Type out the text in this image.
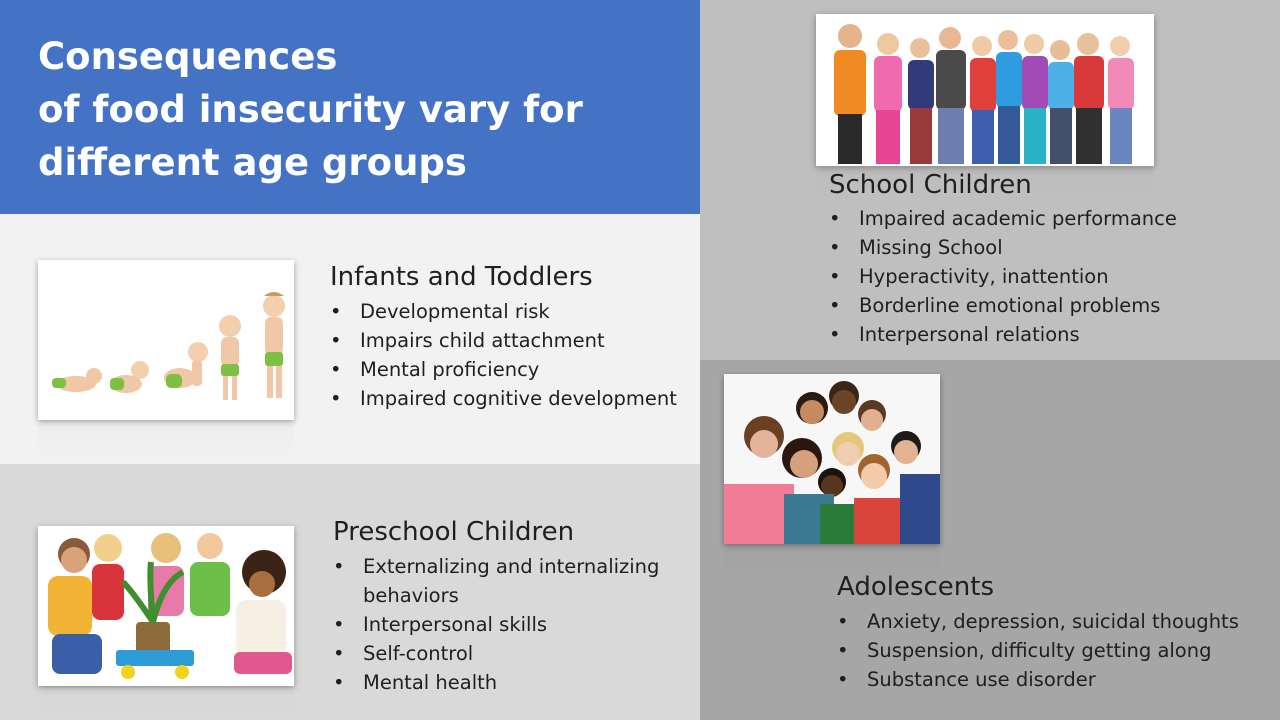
Consequences
of food insecurity vary for
different age groups
Infants and Toddlers
• Developmental risk
• Impairs child attachment
• Mental proficiency
• Impaired cognitive development
Preschool Children
• Externalizing and internalizing
behaviors
• Interpersonal skills
• Self-control
• Mental health
School Children
• Impaired academic performance
• Missing School
• Hyperactivity, inattention
• Borderline emotional problems
• Interpersonal relations
Adolescents
• Anxiety, depression, suicidal thoughts
• Suspension, difficulty getting along
• Substance use disorder
